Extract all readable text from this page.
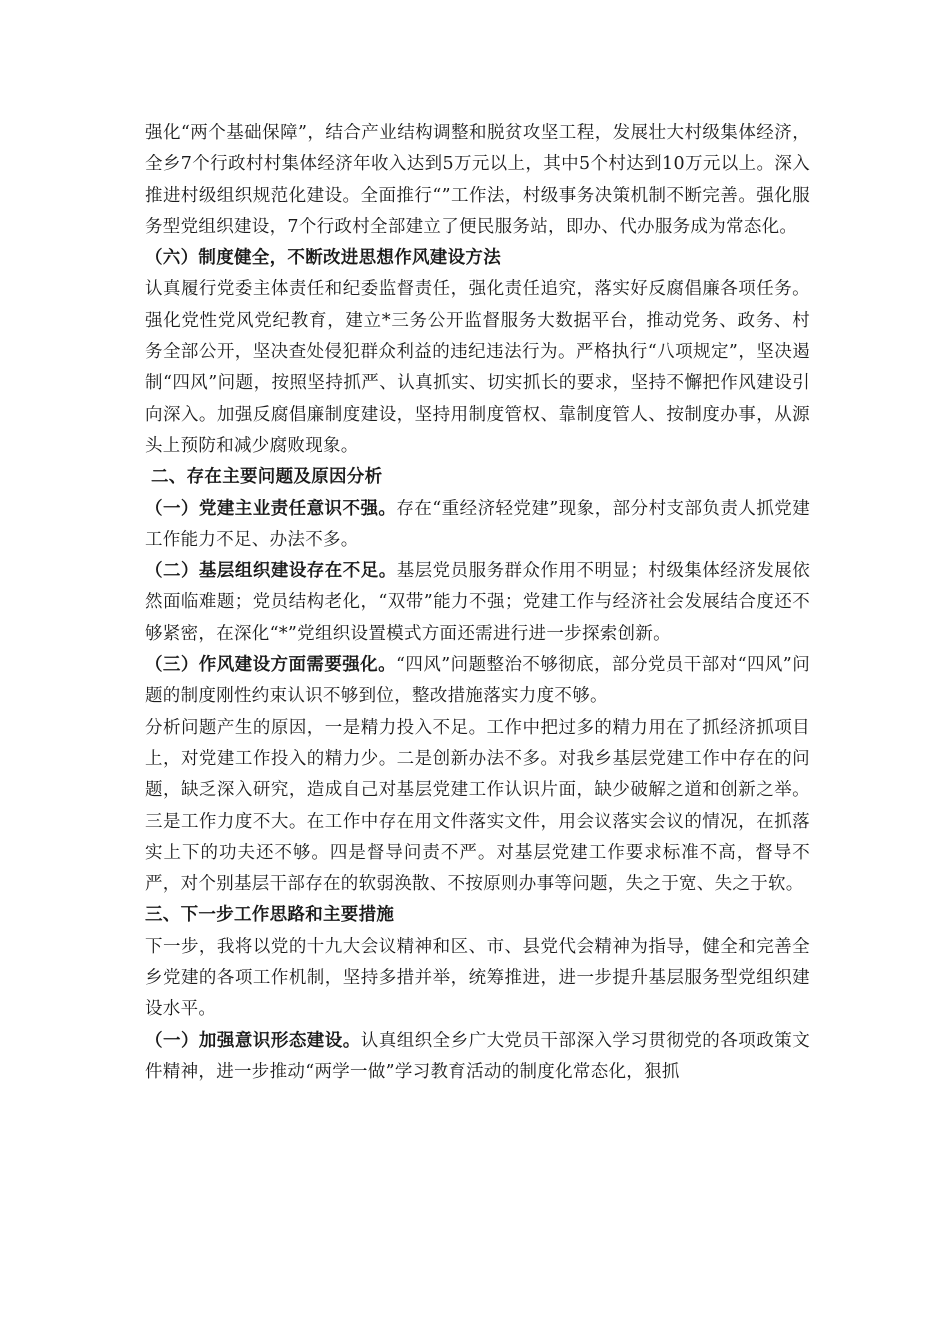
强化“两个基础保障”，结合产业结构调整和脱贫攻坚工程，发展壮大村级集体经济，全乡7个行政村村集体经济年收入达到5万元以上，其中5个村达到10万元以上。深入推进村级组织规范化建设。全面推行“”工作法，村级事务决策机制不断完善。强化服务型党组织建设，7个行政村全部建立了便民服务站，即办、代办服务成为常态化。

（六）制度健全，不断改进思想作风建设方法

认真履行党委主体责任和纪委监督责任，强化责任追究，落实好反腐倡廉各项任务。强化党性党风党纪教育，建立*三务公开监督服务大数据平台，推动党务、政务、村务全部公开，坚决查处侵犯群众利益的违纪违法行为。严格执行“八项规定”，坚决遏制“四风”问题，按照坚持抓严、认真抓实、切实抓长的要求，坚持不懈把作风建设引向深入。加强反腐倡廉制度建设，坚持用制度管权、靠制度管人、按制度办事，从源头上预防和减少腐败现象。

二、存在主要问题及原因分析

（一）党建主业责任意识不强。存在“重经济轻党建”现象，部分村支部负责人抓党建工作能力不足、办法不多。

（二）基层组织建设存在不足。基层党员服务群众作用不明显；村级集体经济发展依然面临难题；党员结构老化，“双带”能力不强；党建工作与经济社会发展结合度还不够紧密，在深化“*”党组织设置模式方面还需进行进一步探索创新。

（三）作风建设方面需要强化。“四风”问题整治不够彻底，部分党员干部对“四风”问题的制度刚性约束认识不够到位，整改措施落实力度不够。

分析问题产生的原因，一是精力投入不足。工作中把过多的精力用在了抓经济抓项目上，对党建工作投入的精力少。二是创新办法不多。对我乡基层党建工作中存在的问题，缺乏深入研究，造成自己对基层党建工作认识片面，缺少破解之道和创新之举。三是工作力度不大。在工作中存在用文件落实文件，用会议落实会议的情况，在抓落实上下的功夫还不够。四是督导问责不严。对基层党建工作要求标准不高，督导不严，对个别基层干部存在的软弱涣散、不按原则办事等问题，失之于宽、失之于软。

三、下一步工作思路和主要措施

下一步，我将以党的十九大会议精神和区、市、县党代会精神为指导，健全和完善全乡党建的各项工作机制，坚持多措并举，统筹推进，进一步提升基层服务型党组织建设水平。

（一）加强意识形态建设。认真组织全乡广大党员干部深入学习贯彻党的各项政策文件精神，进一步推动“两学一做”学习教育活动的制度化常态化，狠抓
